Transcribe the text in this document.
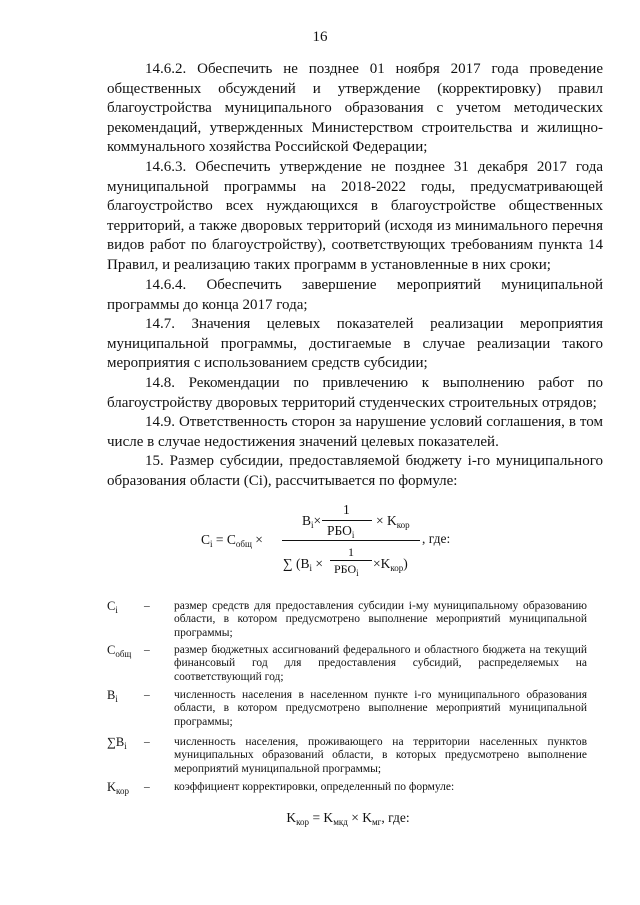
16

14.6.2. Обеспечить не позднее 01 ноября 2017 года проведение общественных обсуждений и утверждение (корректировку) правил благоустройства муниципального образования с учетом методических рекомендаций, утвержденных Министерством строительства и жилищно-коммунального хозяйства Российской Федерации;

14.6.3. Обеспечить утверждение не позднее 31 декабря 2017 года муниципальной программы на 2018-2022 годы, предусматривающей благоустройство всех нуждающихся в благоустройстве общественных территорий, а также дворовых территорий (исходя из минимального перечня видов работ по благоустройству), соответствующих требованиям пункта 14 Правил, и реализацию таких программ в установленные в них сроки;

14.6.4. Обеспечить завершение мероприятий муниципальной программы до конца 2017 года;

14.7. Значения целевых показателей реализации мероприятия муниципальной программы, достигаемые в случае реализации такого мероприятия с использованием средств субсидии;

14.8. Рекомендации по привлечению к выполнению работ по благоустройству дворовых территорий студенческих строительных отрядов;

14.9. Ответственность сторон за нарушение условий соглашения, в том числе в случае недостижения значений целевых показателей.

15. Размер субсидии, предоставляемой бюджету i-го муниципального образования области (Сi), рассчитывается по формуле:

$C_i = C_{общ}$ ×
$B_i\times$
1
$РБО_i$
× $K_{кор}$
∑ ($B_i$ ×
1
$РБО_i$
$\times K_{кор}$)
, где:
$C_i$ – размер средств для предоставления субсидии i-му муниципальному образованию области, в котором предусмотрено выполнение мероприятий муниципальной программы;
$C_{общ}$ – размер бюджетных ассигнований федерального и областного бюджета на текущий финансовый год для предоставления субсидий, распределяемых на соответствующий год;
$B_i$ – численность населения в населенном пункте i-го муниципального образования области, в котором предусмотрено выполнение мероприятий муниципальной программы;
$\sum B_i$ – численность населения, проживающего на территории населенных пунктов муниципальных образований области, в которых предусмотрено выполнение мероприятий муниципальной программы;
$K_{кор}$ – коэффициент корректировки, определенный по формуле:
$K_{кор} = K_{мкд} \times K_{мг}$, где:
